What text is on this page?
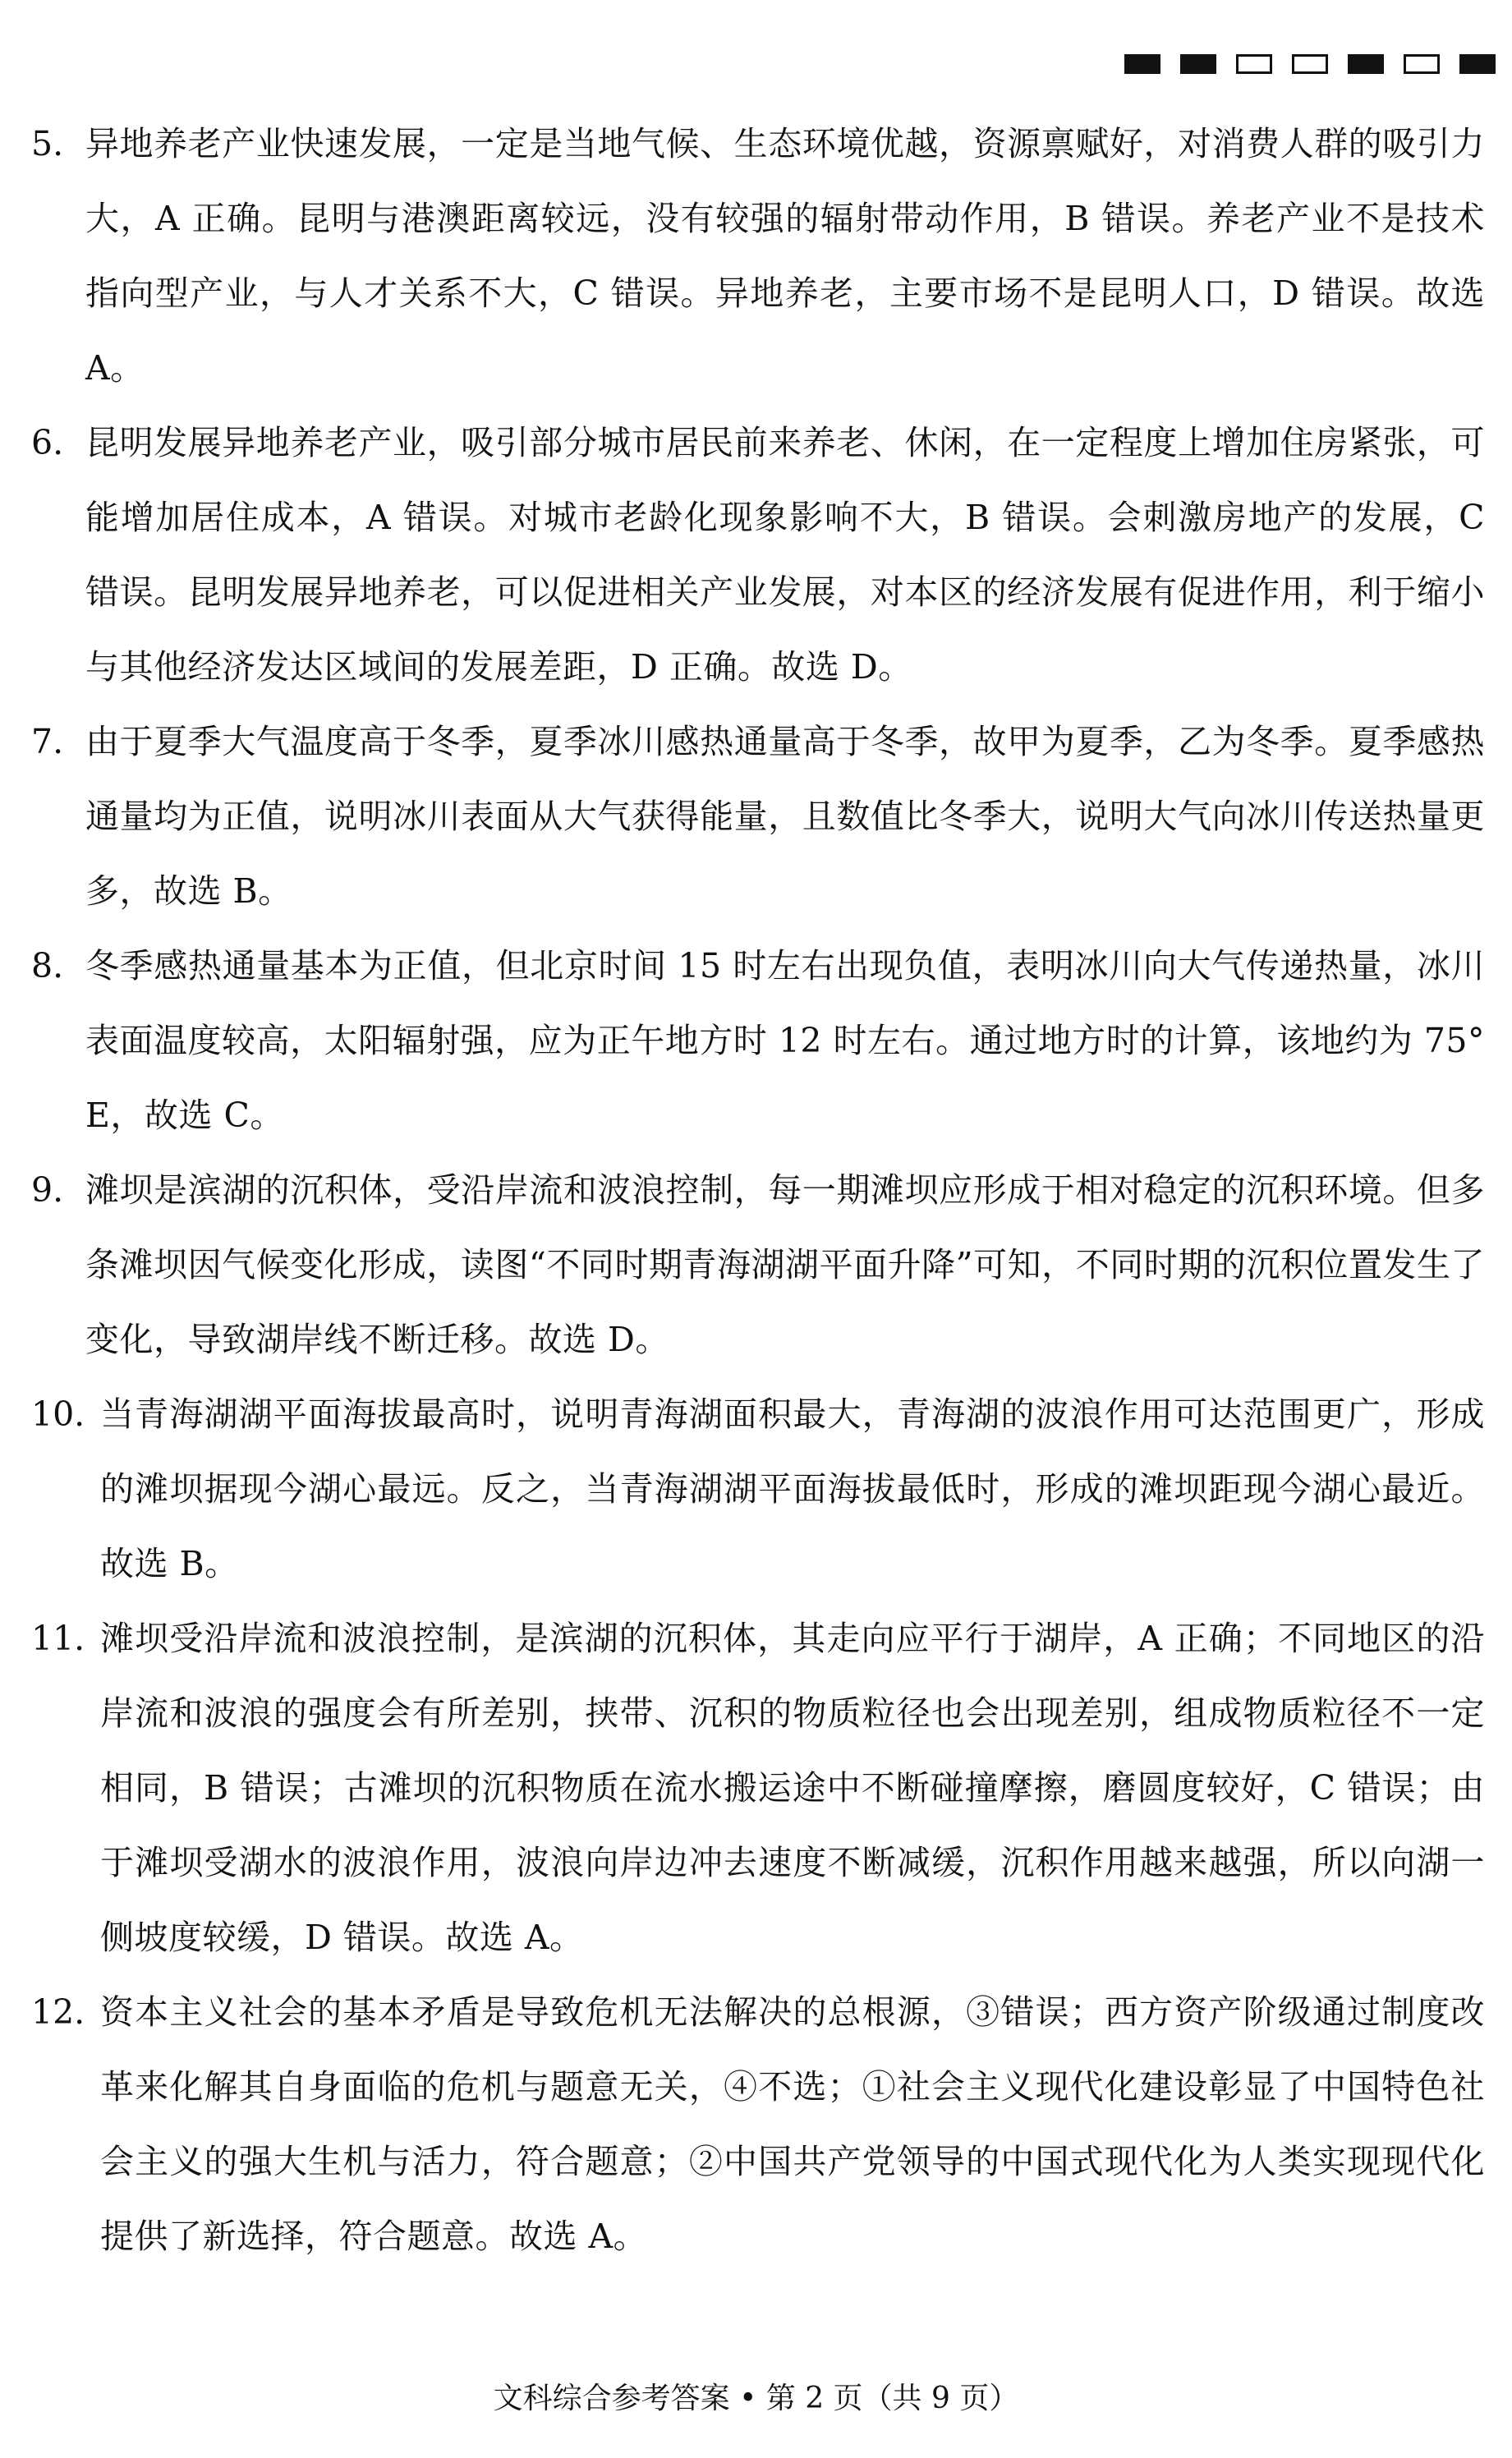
5. 异地养老产业快速发展，一定是当地气候、生态环境优越，资源禀赋好，对消费人群的吸引力大，A 正确。昆明与港澳距离较远，没有较强的辐射带动作用，B 错误。养老产业不是技术指向型产业，与人才关系不大，C 错误。异地养老，主要市场不是昆明人口，D 错误。故选 A。
6. 昆明发展异地养老产业，吸引部分城市居民前来养老、休闲，在一定程度上增加住房紧张，可能增加居住成本，A 错误。对城市老龄化现象影响不大，B 错误。会刺激房地产的发展，C 错误。昆明发展异地养老，可以促进相关产业发展，对本区的经济发展有促进作用，利于缩小与其他经济发达区域间的发展差距，D 正确。故选 D。
7. 由于夏季大气温度高于冬季，夏季冰川感热通量高于冬季，故甲为夏季，乙为冬季。夏季感热通量均为正值，说明冰川表面从大气获得能量，且数值比冬季大，说明大气向冰川传送热量更多，故选 B。
8. 冬季感热通量基本为正值，但北京时间 15 时左右出现负值，表明冰川向大气传递热量，冰川表面温度较高，太阳辐射强，应为正午地方时 12 时左右。通过地方时的计算，该地约为 75° E，故选 C。
9. 滩坝是滨湖的沉积体，受沿岸流和波浪控制，每一期滩坝应形成于相对稳定的沉积环境。但多条滩坝因气候变化形成，读图“不同时期青海湖湖平面升降”可知，不同时期的沉积位置发生了变化，导致湖岸线不断迁移。故选 D。
10. 当青海湖湖平面海拔最高时，说明青海湖面积最大，青海湖的波浪作用可达范围更广，形成的滩坝据现今湖心最远。反之，当青海湖湖平面海拔最低时，形成的滩坝距现今湖心最近。故选 B。
11. 滩坝受沿岸流和波浪控制，是滨湖的沉积体，其走向应平行于湖岸，A 正确；不同地区的沿岸流和波浪的强度会有所差别，挟带、沉积的物质粒径也会出现差别，组成物质粒径不一定相同，B 错误；古滩坝的沉积物质在流水搬运途中不断碰撞摩擦，磨圆度较好，C 错误；由于滩坝受湖水的波浪作用，波浪向岸边冲去速度不断减缓，沉积作用越来越强，所以向湖一侧坡度较缓，D 错误。故选 A。
12. 资本主义社会的基本矛盾是导致危机无法解决的总根源，③错误；西方资产阶级通过制度改革来化解其自身面临的危机与题意无关，④不选；①社会主义现代化建设彰显了中国特色社会主义的强大生机与活力，符合题意；②中国共产党领导的中国式现代化为人类实现现代化提供了新选择，符合题意。故选 A。
文科综合参考答案 • 第 2 页（共 9 页）
